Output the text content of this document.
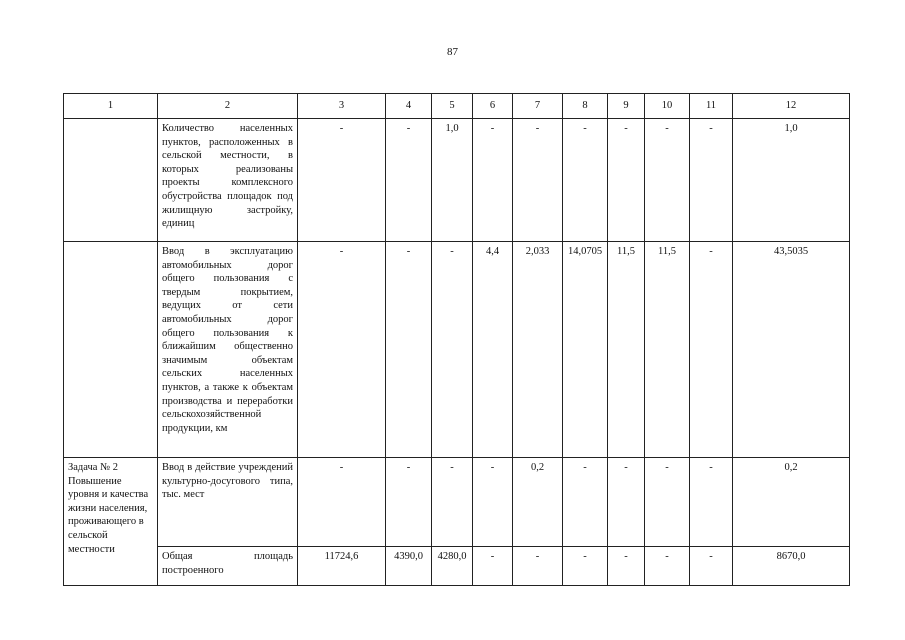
87
1	2	3	4	5	6	7	8	9	10	11	12
	Количество населенных пунктов, расположенных в сельской местности, в которых реализованы проекты комплексного обустройства площадок под жилищную застройку, единиц	-	-	1,0	-	-	-	-	-	-	1,0
	Ввод в эксплуатацию автомобильных дорог общего пользования с твердым покрытием, ведущих от сети автомобильных дорог общего пользования к ближайшим общественно значимым объектам сельских населенных пунктов, а также к объектам производства и переработки сельскохозяйственной продукции, км	-	-	-	4,4	2,033	14,0705	11,5	11,5	-	43,5035
Задача № 2 Повышение уровня и качества жизни населения, проживающего в сельской местности	Ввод в действие учреждений культурно-досугового типа, тыс. мест	-	-	-	-	0,2	-	-	-	-	0,2
	Общая площадь построенного	11724,6	4390,0	4280,0	-	-	-	-	-	-	8670,0
